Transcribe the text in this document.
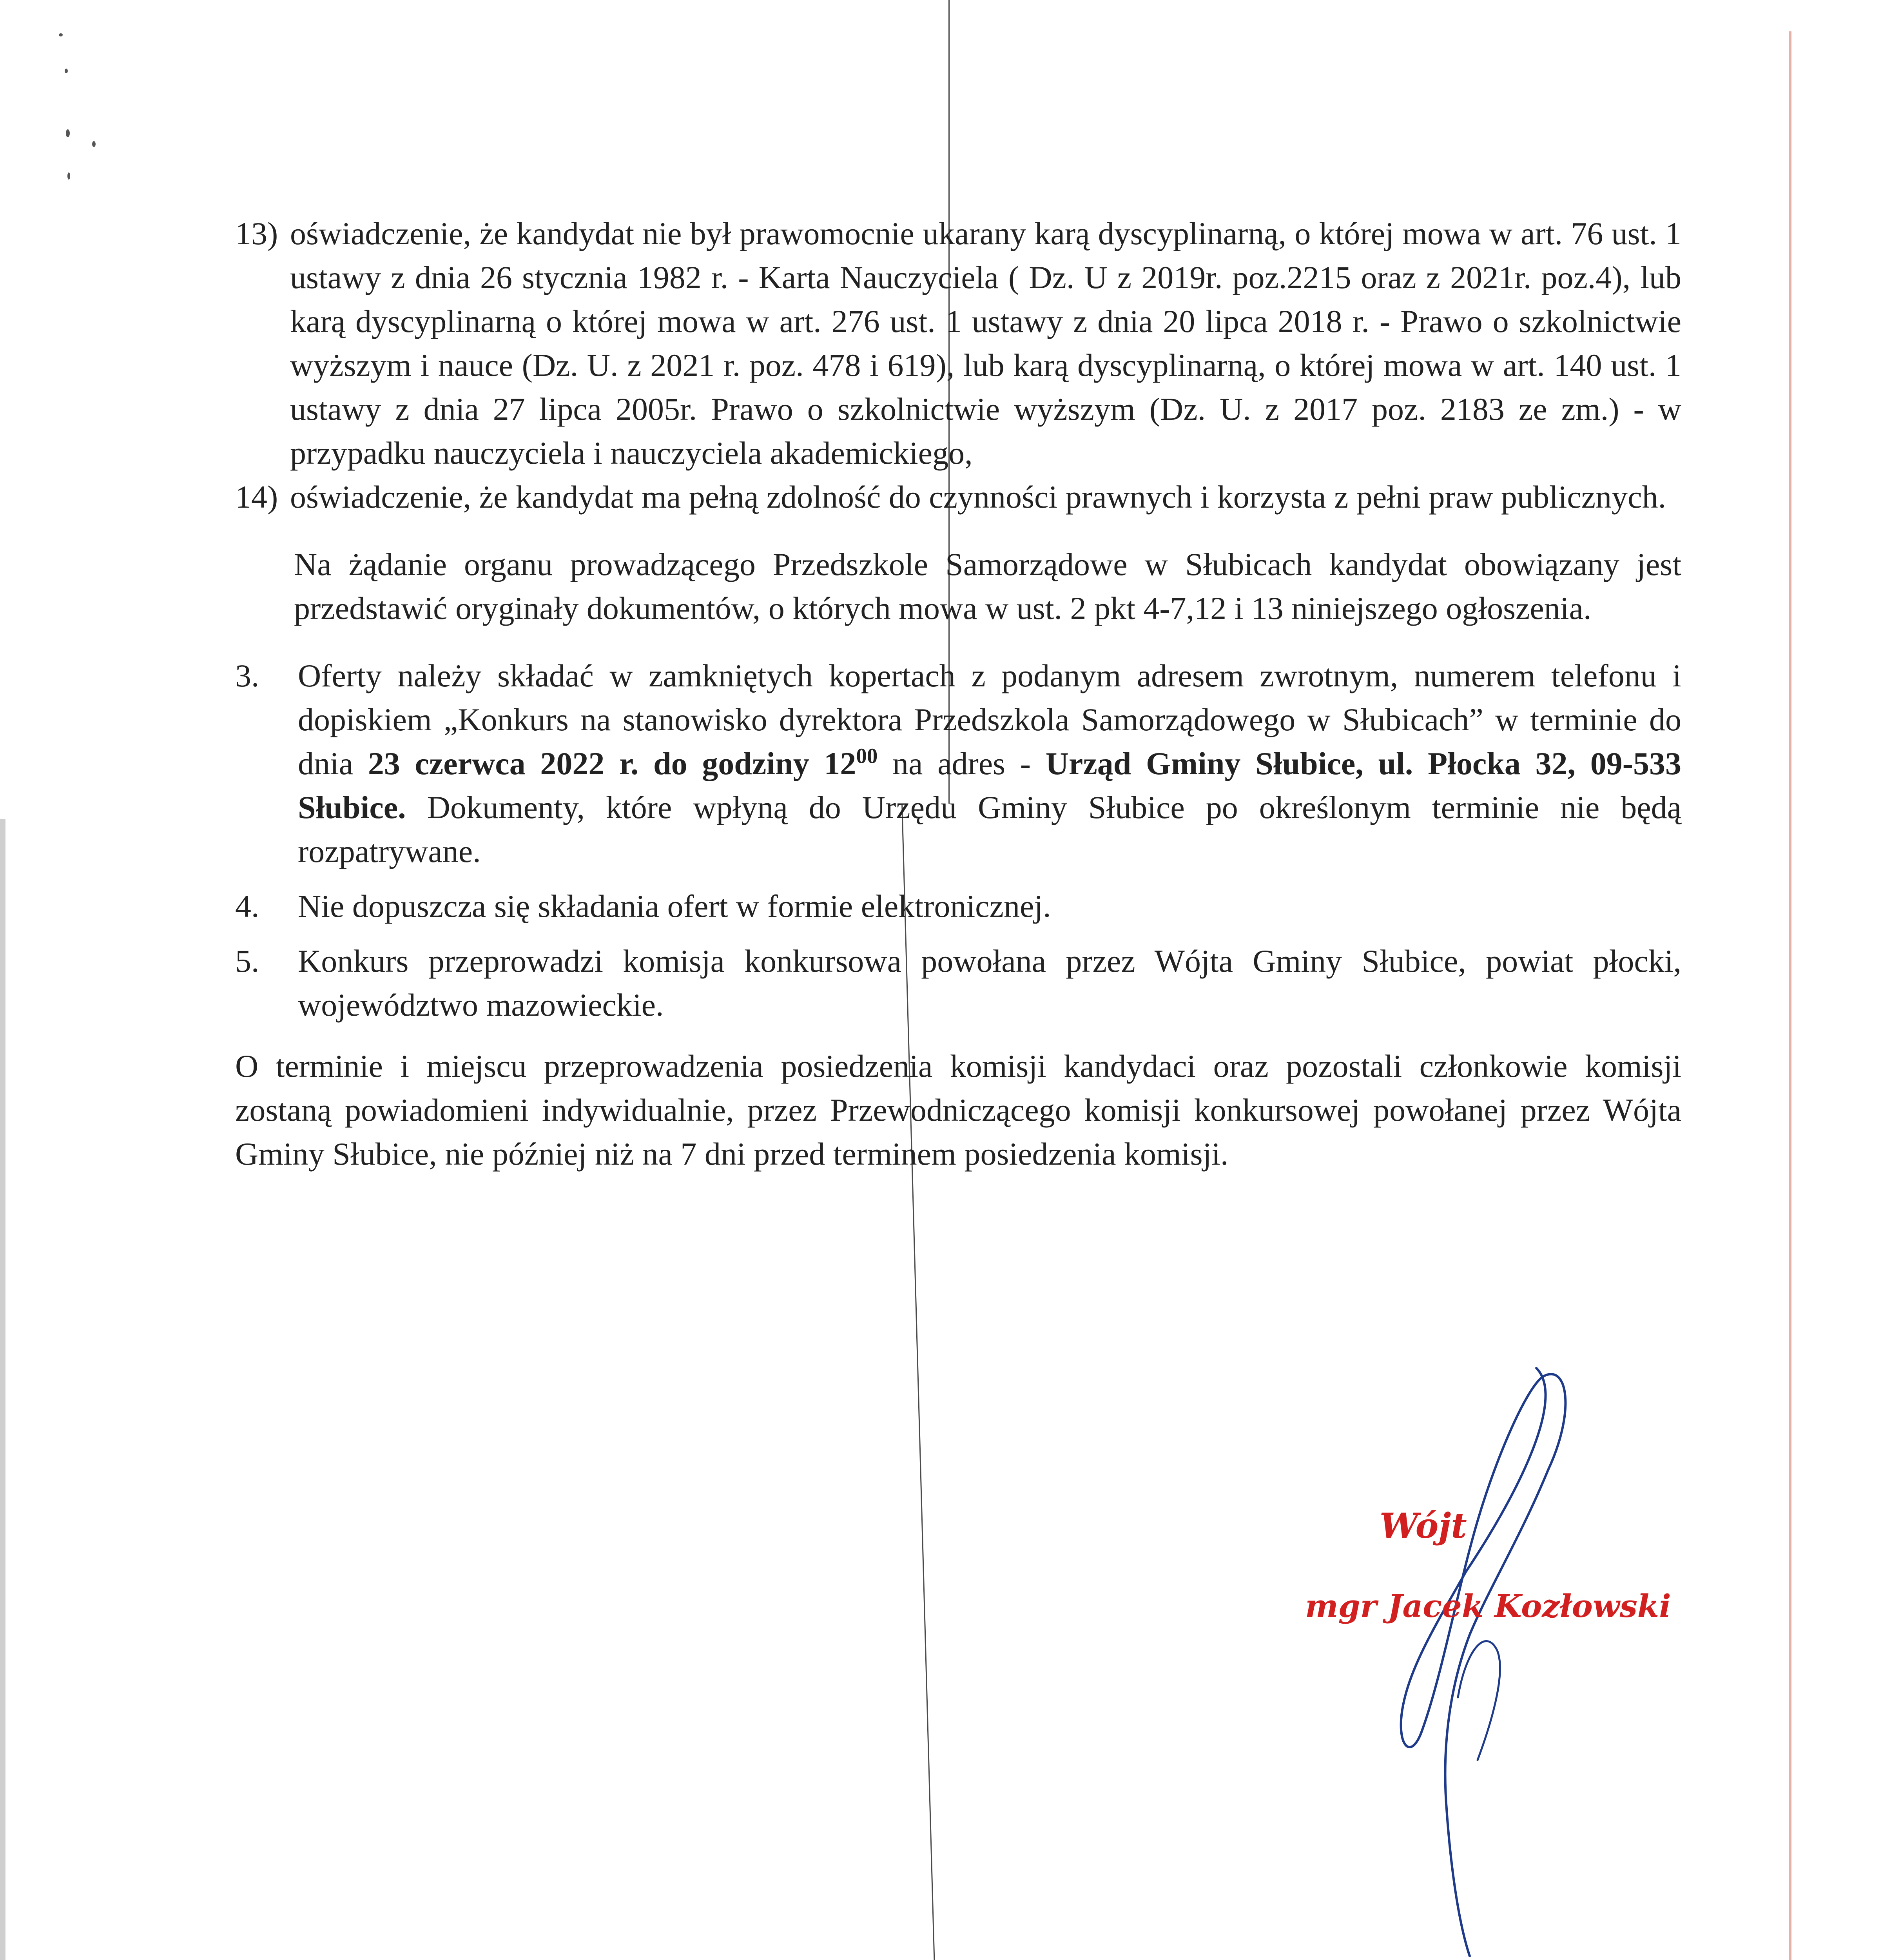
13) oświadczenie, że kandydat nie był prawomocnie ukarany karą dyscyplinarną, o której mowa w art. 76 ust. 1 ustawy z dnia 26 stycznia 1982 r. - Karta Nauczyciela ( Dz. U z 2019r. poz.2215 oraz z 2021r. poz.4), lub karą dyscyplinarną o której mowa w art. 276 ust. 1 ustawy z dnia 20 lipca 2018 r. - Prawo o szkolnictwie wyższym i nauce (Dz. U. z 2021 r. poz. 478 i 619), lub karą dyscyplinarną, o której mowa w art. 140 ust. 1 ustawy z dnia 27 lipca 2005r. Prawo o szkolnictwie wyższym (Dz. U. z 2017 poz. 2183 ze zm.) - w przypadku nauczyciela i nauczyciela akademickiego,
14) oświadczenie, że kandydat ma pełną zdolność do czynności prawnych i korzysta z pełni praw publicznych.
Na żądanie organu prowadzącego Przedszkole Samorządowe w Słubicach kandydat obowiązany jest przedstawić oryginały dokumentów, o których mowa w ust. 2 pkt 4-7,12 i 13 niniejszego ogłoszenia.
3.	Oferty należy składać w zamkniętych kopertach z podanym adresem zwrotnym, numerem telefonu i dopiskiem „Konkurs na stanowisko dyrektora Przedszkola Samorządowego w Słubicach” w terminie do dnia 23 czerwca 2022 r. do godziny $12^{00}$ na adres - Urząd Gminy Słubice, ul. Płocka 32, 09-533 Słubice. Dokumenty, które wpłyną do Urzędu Gminy Słubice po określonym terminie nie będą rozpatrywane.
4.	Nie dopuszcza się składania ofert w formie elektronicznej.
5.	Konkurs przeprowadzi komisja konkursowa powołana przez Wójta Gminy Słubice, powiat płocki, województwo mazowieckie.
O terminie i miejscu przeprowadzenia posiedzenia komisji kandydaci oraz pozostali członkowie komisji zostaną powiadomieni indywidualnie, przez Przewodniczącego komisji konkursowej powołanej przez Wójta Gminy Słubice, nie później niż na 7 dni przed terminem posiedzenia komisji.
Wójt
mgr Jacek Kozłowski
